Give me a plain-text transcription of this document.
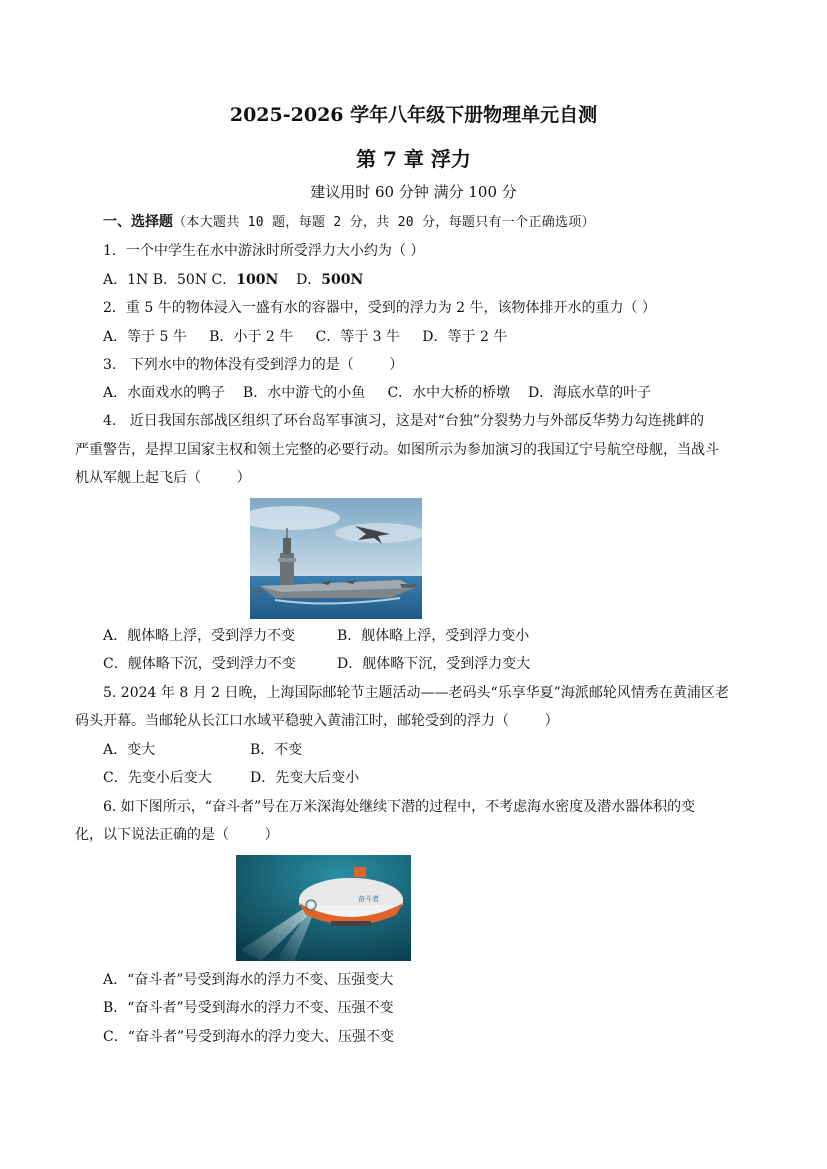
2025-2026 学年八年级下册物理单元自测
第 7 章 浮力
建议用时 60 分钟 满分 100 分
一、选择题（本大题共 10 题，每题 2 分，共 20 分，每题只有一个正确选项）
1．一个中学生在水中游泳时所受浮力大小约为（ ）
A．1N B．50N C．100N    D．500N
2．重 5 牛的物体浸入一盛有水的容器中，受到的浮力为 2 牛，该物体排开水的重力（ ）
A．等于 5 牛     B．小于 2 牛     C．等于 3 牛     D．等于 2 牛
3.   下列水中的物体没有受到浮力的是（        ）
A．水面戏水的鸭子    B．水中游弋的小鱼     C．水中大桥的桥墩    D．海底水草的叶子
4.   近日我国东部战区组织了环台岛军事演习，这是对“台独”分裂势力与外部反华势力勾连挑衅的
严重警告，是捍卫国家主权和领土完整的必要行动。如图所示为参加演习的我国辽宁号航空母舰，当战斗
机从军舰上起飞后（        ）
A．舰体略上浮，受到浮力不变	B．舰体略上浮，受到浮力变小
C．舰体略下沉，受到浮力不变	D．舰体略下沉，受到浮力变大
5. 2024 年 8 月 2 日晚，上海国际邮轮节主题活动——老码头“乐享华夏”海派邮轮风情秀在黄浦区老
码头开幕。当邮轮从长江口水域平稳驶入黄浦江时，邮轮受到的浮力（        ）
A．变大	B．不变
C．先变小后变大	D．先变大后变小
6. 如下图所示，“奋斗者”号在万米深海处继续下潜的过程中，不考虑海水密度及潜水器体积的变
化，以下说法正确的是（        ）
奋斗者
A．“奋斗者”号受到海水的浮力不变、压强变大
B．“奋斗者”号受到海水的浮力不变、压强不变
C．“奋斗者”号受到海水的浮力变大、压强不变
